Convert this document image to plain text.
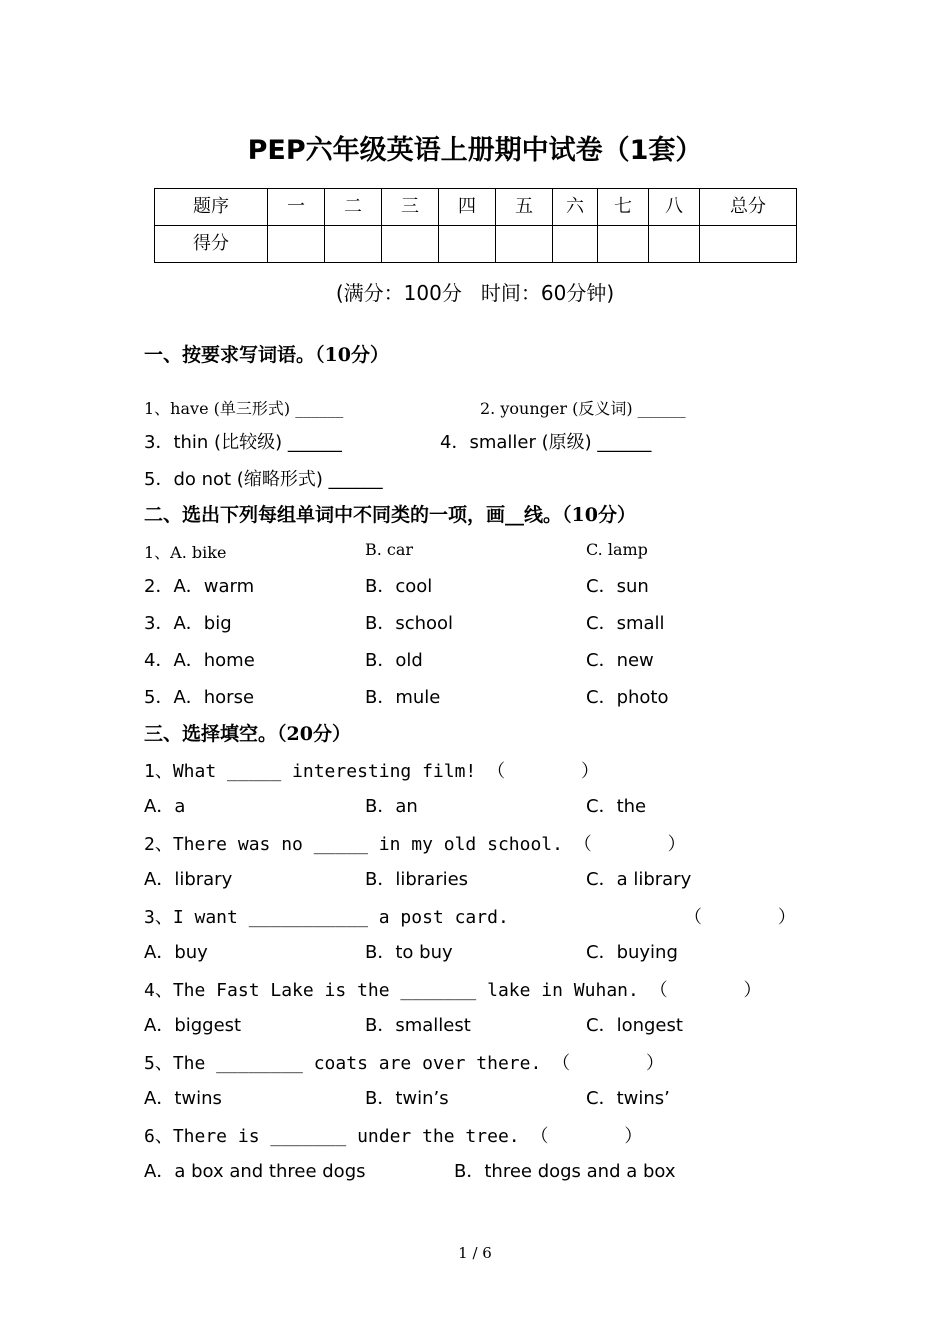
PEP六年级英语上册期中试卷（1套）
题序	一	二	三	四	五	六	七	八	总分

得分									

(满分：100分   时间：60分钟)
一、按要求写词语。（10分）
1、have (单三形式) ______	2. younger (反义词) ______
3．thin (比较级) ______	4．smaller (原级) ______
5．do not (缩略形式) ______
二、选出下列每组单词中不同类的一项，画__线。（10分）
1、A. bike	B. car	C. lamp
2．A．warm	B．cool	C．sun
3．A．big	B．school	C．small
4．A．home	B．old	C．new
5．A．horse	B．mule	C．photo
三、选择填空。（20分）
1、What _____ interesting film! （       ）
A．a	B．an	C．the
2、There was no _____ in my old school. （       ）
A．library	B．libraries	C．a library
3、I want ___________ a post card.	（       ）
A．buy	B．to buy	C．buying
4、The Fast Lake is the _______ lake in Wuhan. （       ）
A．biggest	B．smallest	C．longest
5、The ________ coats are over there. （       ）
A．twins	B．twin’s	C．twins’
6、There is _______ under the tree. （       ）
A．a box and three dogs	B．three dogs and a box
1 / 6
